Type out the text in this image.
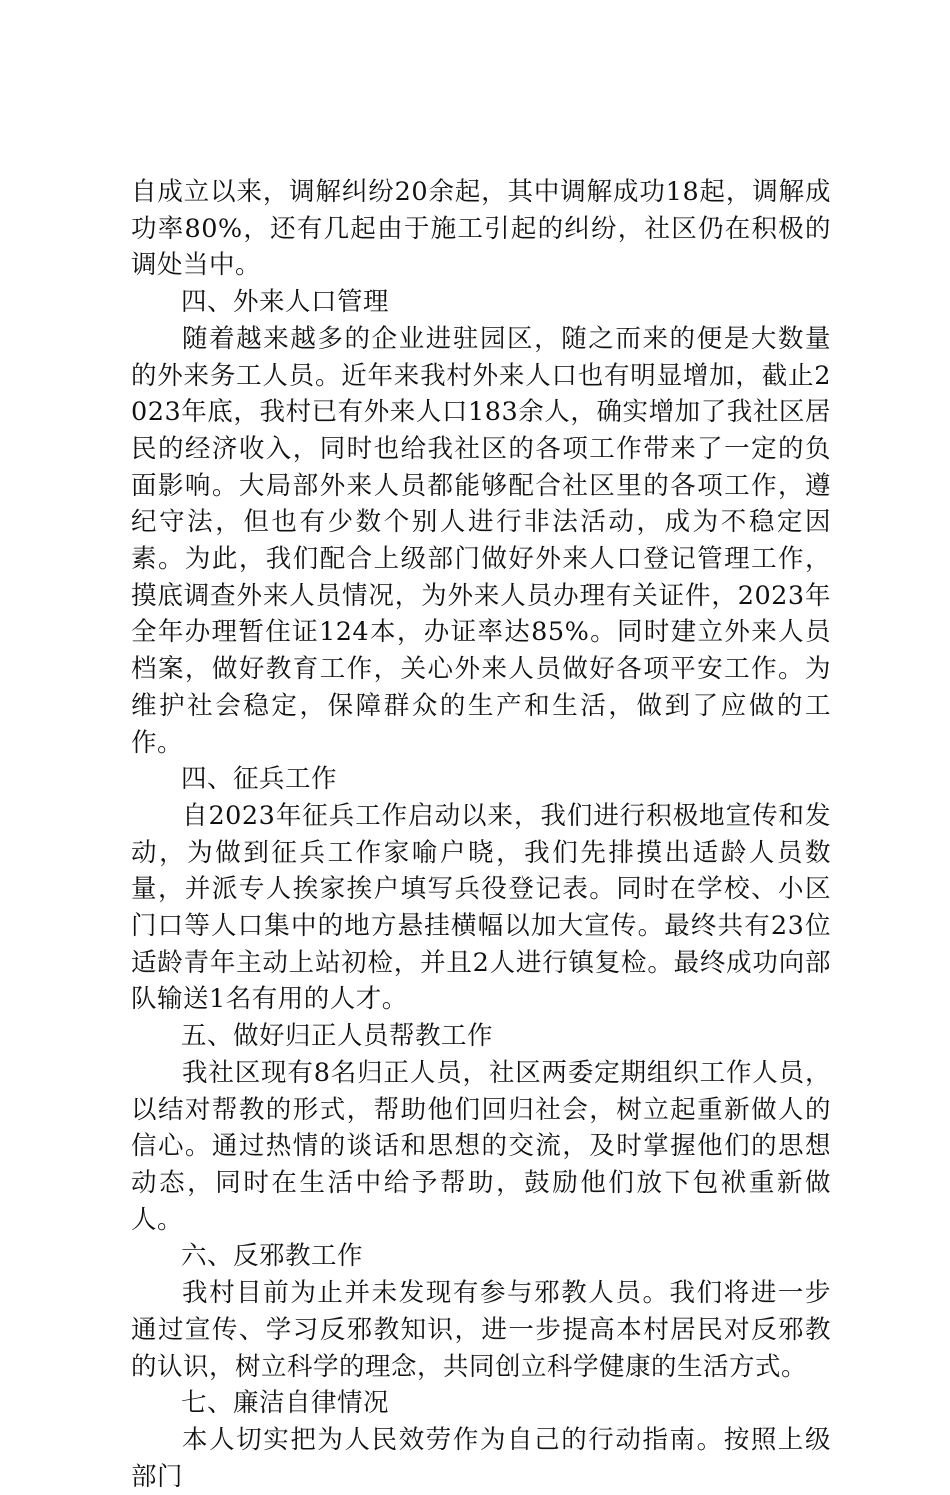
自成立以来，调解纠纷20余起，其中调解成功18起，调解成功率80%，还有几起由于施工引起的纠纷，社区仍在积极的调处当中。

四、外来人口管理

随着越来越多的企业进驻园区，随之而来的便是大数量的外来务工人员。近年来我村外来人口也有明显增加，截止2023年底，我村已有外来人口183余人，确实增加了我社区居民的经济收入，同时也给我社区的各项工作带来了一定的负面影响。大局部外来人员都能够配合社区里的各项工作，遵纪守法，但也有少数个别人进行非法活动，成为不稳定因素。为此，我们配合上级部门做好外来人口登记管理工作，摸底调查外来人员情况，为外来人员办理有关证件，2023年全年办理暂住证124本，办证率达85%。同时建立外来人员档案，做好教育工作，关心外来人员做好各项平安工作。为维护社会稳定，保障群众的生产和生活，做到了应做的工作。

四、征兵工作

自2023年征兵工作启动以来，我们进行积极地宣传和发动，为做到征兵工作家喻户晓，我们先排摸出适龄人员数量，并派专人挨家挨户填写兵役登记表。同时在学校、小区门口等人口集中的地方悬挂横幅以加大宣传。最终共有23位适龄青年主动上站初检，并且2人进行镇复检。最终成功向部队输送1名有用的人才。

五、做好归正人员帮教工作

我社区现有8名归正人员，社区两委定期组织工作人员，以结对帮教的形式，帮助他们回归社会，树立起重新做人的信心。通过热情的谈话和思想的交流，及时掌握他们的思想动态，同时在生活中给予帮助，鼓励他们放下包袱重新做人。

六、反邪教工作

我村目前为止并未发现有参与邪教人员。我们将进一步通过宣传、学习反邪教知识，进一步提高本村居民对反邪教的认识，树立科学的理念，共同创立科学健康的生活方式。

七、廉洁自律情况

本人切实把为人民效劳作为自己的行动指南。按照上级部门
